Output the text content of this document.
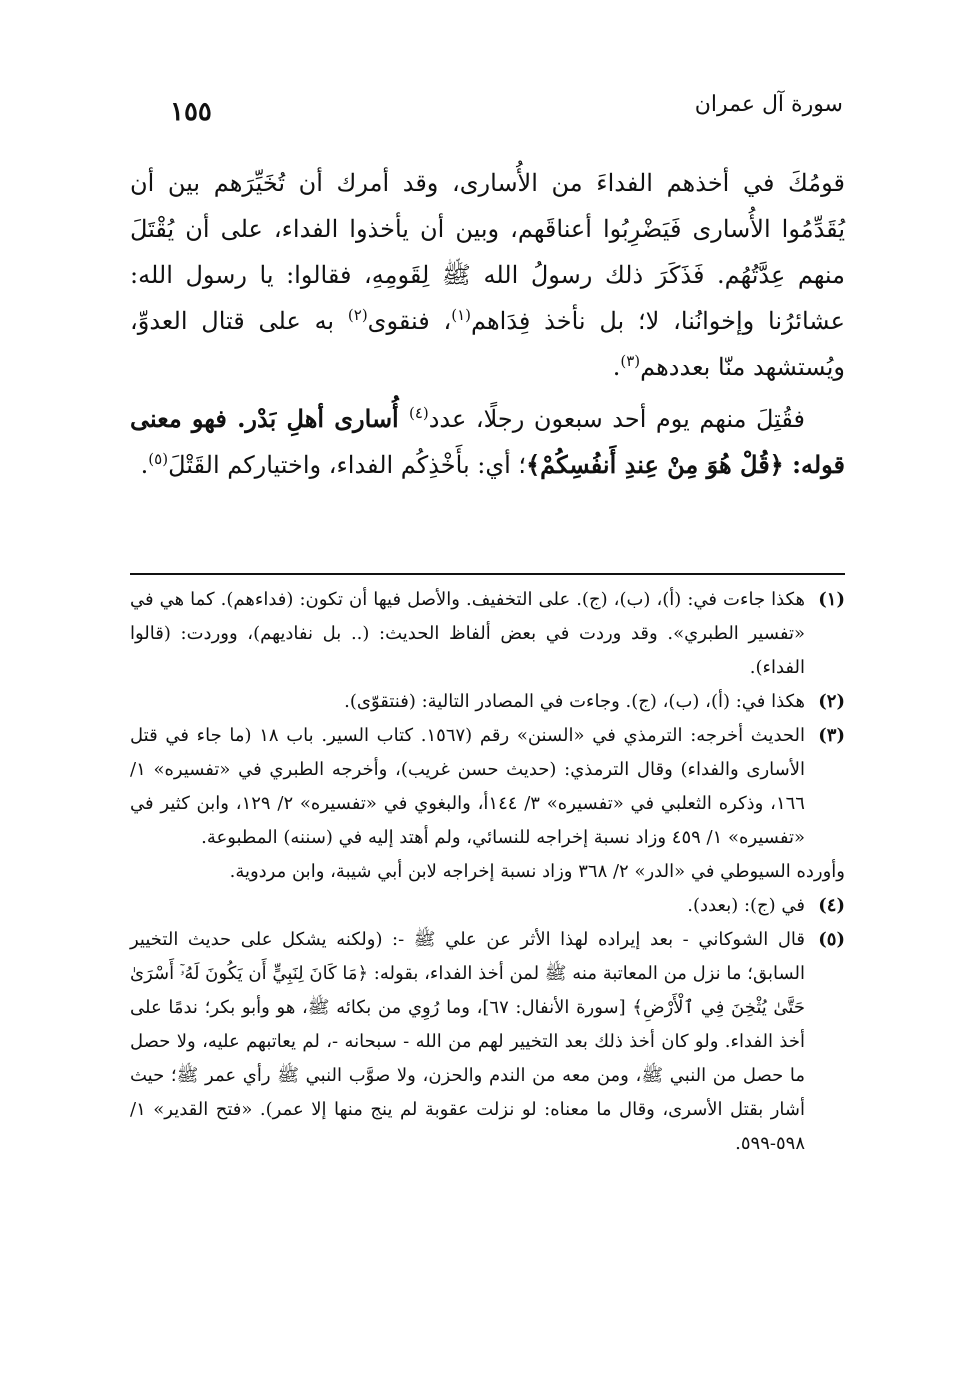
١٥٥	سورة آل عمران

قومُكَ في أخذهم الفداءَ من الأُسارى، وقد أمرك أن تُخَيِّرَهم بين أن يُقَدِّمُوا الأُسارى فَيَضْرِبُوا أعناقَهم، وبين أن يأخذوا الفداء، على أن يُقْتَلَ منهم عِدَّتُهُم. فَذَكَرَ ذلك رسولُ الله ﷺ لِقَومِهِ، فقالوا: يا رسول الله: عشائرُنا وإخوانُنا، لا؛ بل نأخذ فِدَاهم$^{(١)}$، فنقوى$^{(٢)}$ به على قتال العدوِّ، ويُستشهد منّا بعددهم$^{(٣)}$.

فقُتِلَ منهم يوم أحد سبعون رجلًا، عدد$^{(٤)}$ أُسارى أهلِ بَدْر. فهو معنى قوله: ﴿قُلْ هُوَ مِنْ عِندِ أَنفُسِكُمْ﴾؛ أي: بأَخْذِكُم الفداء، واختياركم القَتْلَ$^{(٥)}$.

(١)
هكذا جاءت في: (أ)، (ب)، (ج). على التخفيف. والأصل فيها أن تكون: (فداءهم). كما هي في «تفسير الطبري». وقد وردت في بعض ألفاظ الحديث: (.. بل نفاديهم)، ووردت: (قالوا الفداء).
(٢)
هكذا في: (أ)، (ب)، (ج). وجاءت في المصادر التالية: (فنتقوّى).
(٣)
الحديث أخرجه: الترمذي في «السنن» رقم (١٥٦٧. كتاب السير. باب ١٨ (ما جاء في قتل الأسارى والفداء) وقال الترمذي: (حديث حسن غريب)، وأخرجه الطبري في «تفسيره» ١/ ١٦٦، وذكره الثعلبي في «تفسيره» ٣/ ١٤٤أ، والبغوي في «تفسيره» ٢/ ١٢٩، وابن كثير في «تفسيره» ١/ ٤٥٩ وزاد نسبة إخراجه للنسائي، ولم أهتد إليه في (سننه) المطبوعة.
وأورده السيوطي في «الدر» ٢/ ٣٦٨ وزاد نسبة إخراجه لابن أبي شيبة، وابن مردوية.
(٤)
في (ج): (بعدد).
(٥)
قال الشوكاني - بعد إيراده لهذا الأثر عن علي ﷺ -: (ولكنه يشكل على حديث التخيير السابق؛ ما نزل من المعاتبة منه ﷺ لمن أخذ الفداء، بقوله: ﴿مَا كَانَ لِنَبِيٍّ أَن يَكُونَ لَهُۥٓ أَسْرَىٰ حَتَّىٰ يُثْخِنَ فِي ٱلْأَرْضِ﴾ [سورة الأنفال: ٦٧]، وما رُوِي من بكائه ﷺ، هو وأبو بكر؛ ندمًا على أخذ الفداء. ولو كان أخذ ذلك بعد التخيير لهم من الله - سبحانه -، لم يعاتبهم عليه، ولا حصل ما حصل من النبي ﷺ، ومن معه من الندم والحزن، ولا صوَّب النبي ﷺ رأي عمر ﷺ؛ حيث أشار بقتل الأسرى، وقال ما معناه: لو نزلت عقوبة لم ينج منها إلا عمر). «فتح القدير» ١/ ٥٩٨-٥٩٩.
